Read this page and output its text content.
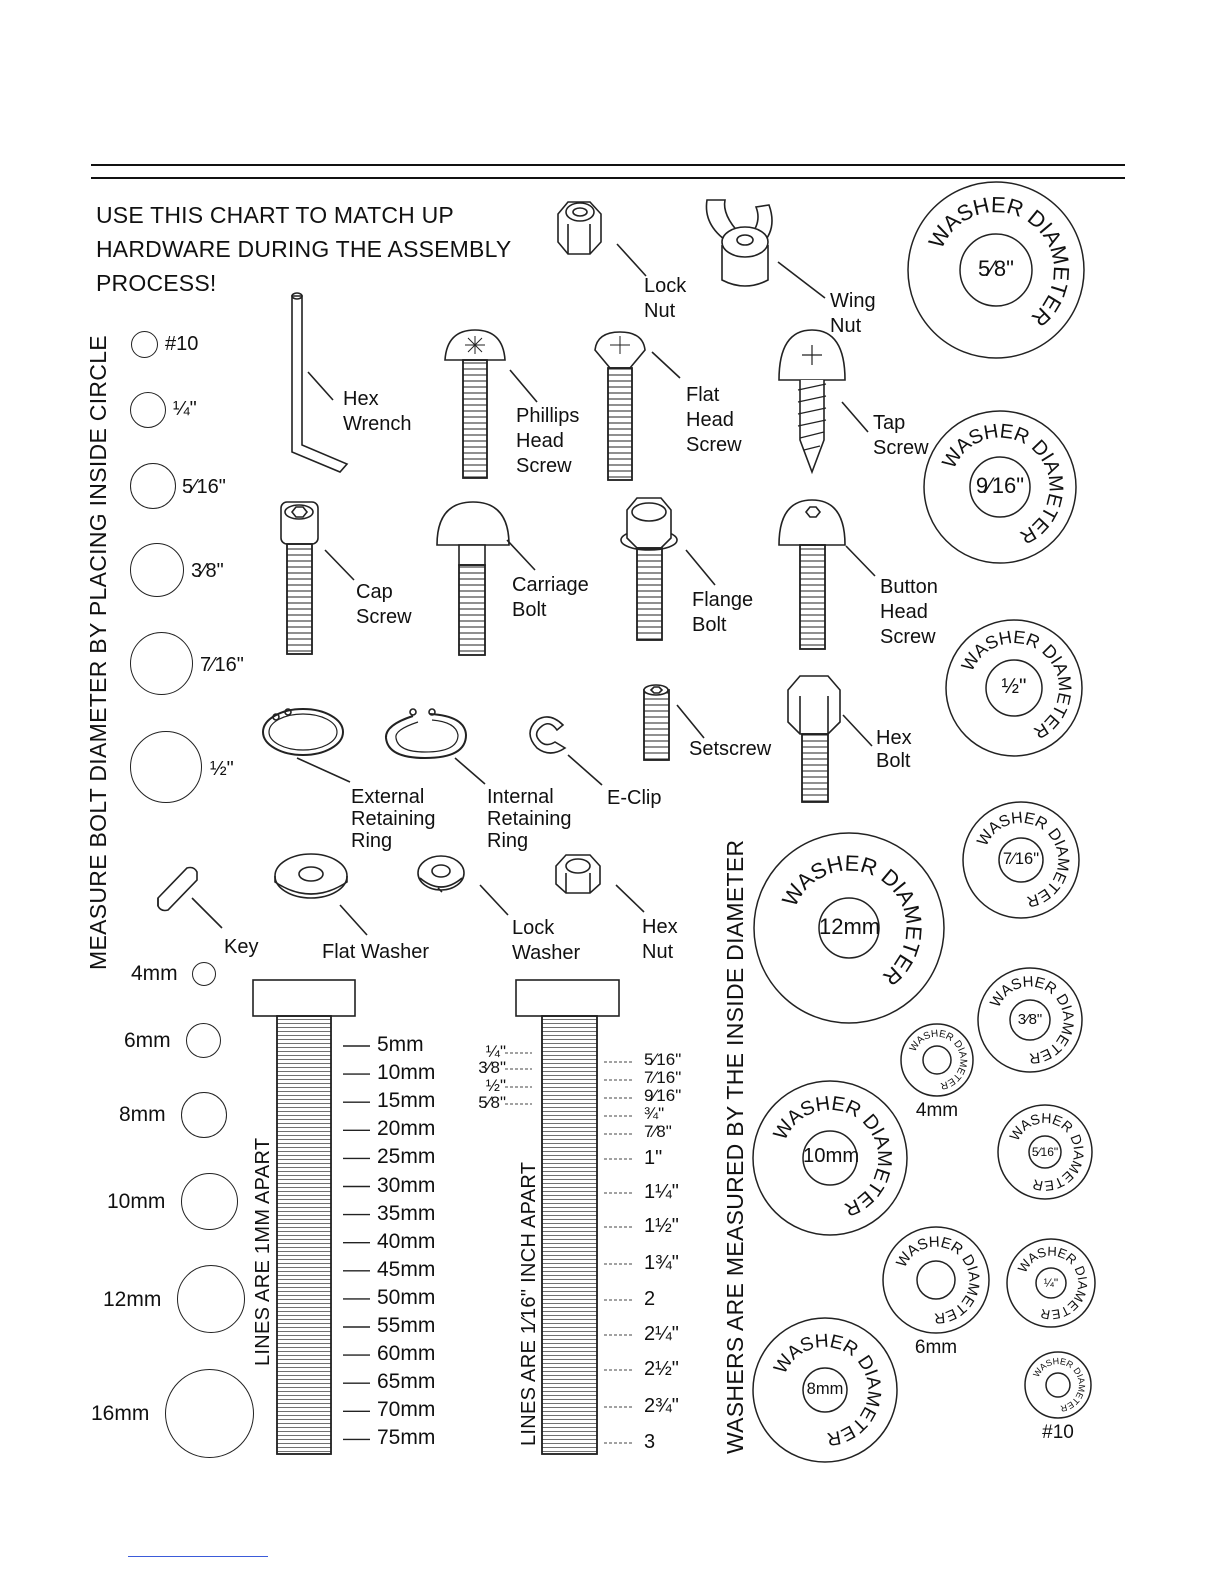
USE THIS CHART TO MATCH UP
HARDWARE DURING THE ASSEMBLY
PROCESS!
MEASURE BOLT DIAMETER BY PLACING INSIDE CIRCLE
LINES ARE 1MM APART	LINES ARE 1⁄16" INCH APART	WASHERS ARE MEASURED BY THE INSIDE DIAMETER
#10
¼"
5⁄16"
3⁄8"
7⁄16"
½"
4mm
6mm
8mm
10mm
12mm
16mm
WASHER DIAMETER
WASHER DIAMETER
WASHER DIAMETER
WASHER DIAMETER
WASHER DIAMETER
WASHER DIAMETER
WASHER DIAMETER
WASHER DIAMETER
WASHER DIAMETER
WASHER DIAMETER
WASHER DIAMETER
WASHER DIAMETER
WASHER DIAMETER
Lock
Nut	Wing
Nut
Hex
Wrench	Phillips
Head
Screw
Flat
Head
Screw
Tap
Screw
Cap
Screw
Carriage
Bolt	Flange
Bolt
Button
Head
Screw
External
Retaining
Ring
Internal
Retaining
Ring
E-Clip
Setscrew	Hex
Bolt
Key	Flat Washer
Lock
Washer
Hex
Nut
5mm
10mm
15mm
20mm
25mm
30mm
35mm
40mm
45mm
50mm
55mm
60mm
65mm
70mm
75mm
¼"
3⁄8"
½"
5⁄8"
5⁄16"
7⁄16"
9⁄16"
¾"
7⁄8"
1"
1¼"
1½"
1¾"
2
2¼"
2½"
2¾"
3
5⁄8"
9⁄16"
½"
7⁄16"
12mm
3⁄8"
4mm
5⁄16"
10mm
6mm
¼"
8mm
#10
